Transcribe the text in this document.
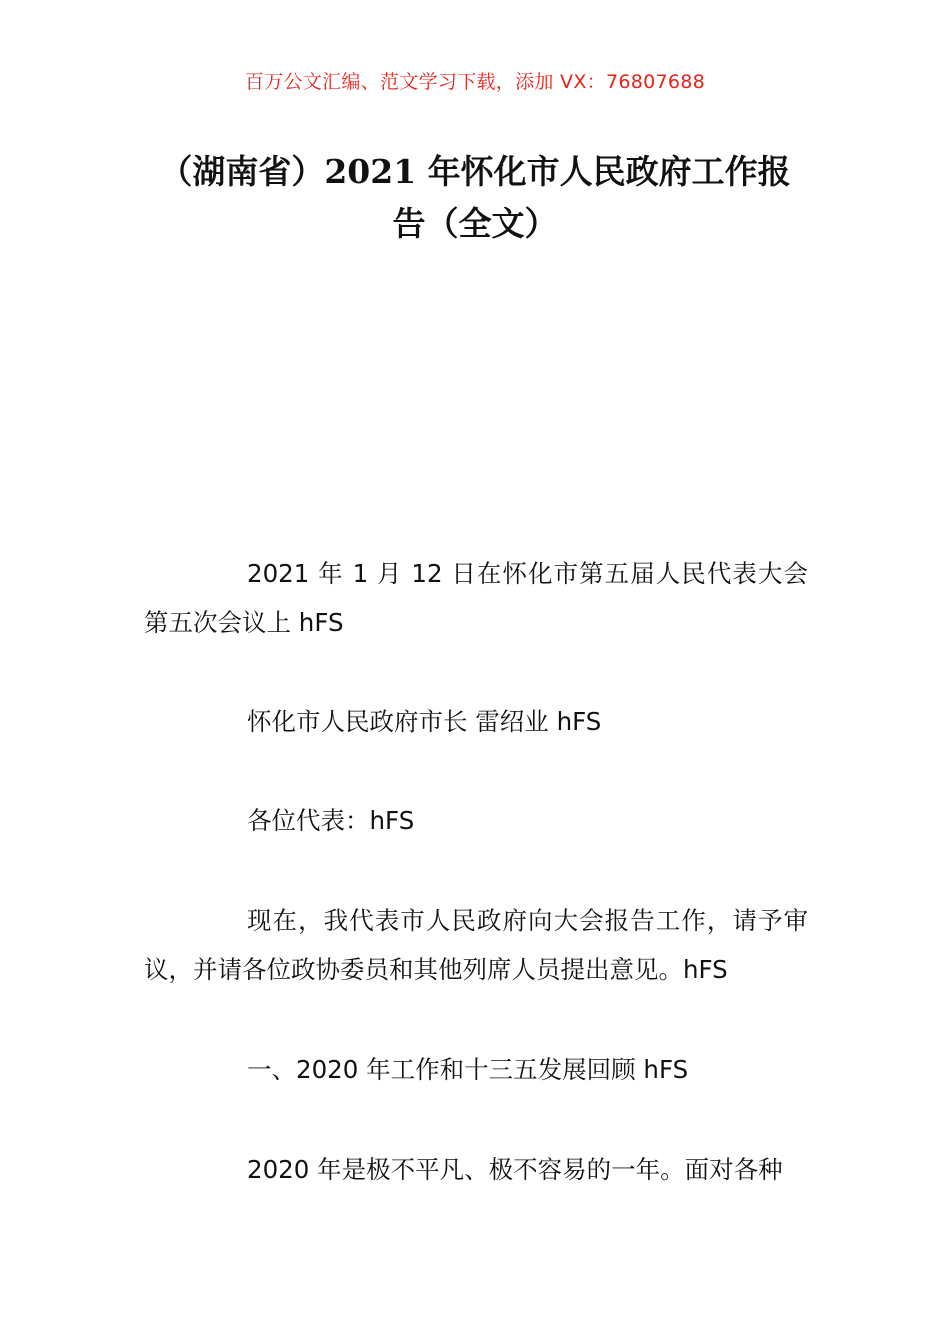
百万公文汇编、范文学习下载，添加 VX：76807688
（湖南省）2021 年怀化市人民政府工作报
告（全文）

2021 年 1 月 12 日在怀化市第五届人民代表大会第五次会议上 hFS

怀化市人民政府市长 雷绍业 hFS

各位代表：hFS

现在，我代表市人民政府向大会报告工作，请予审议，并请各位政协委员和其他列席人员提出意见。hFS

一、2020 年工作和十三五发展回顾 hFS

2020 年是极不平凡、极不容易的一年。面对各种
